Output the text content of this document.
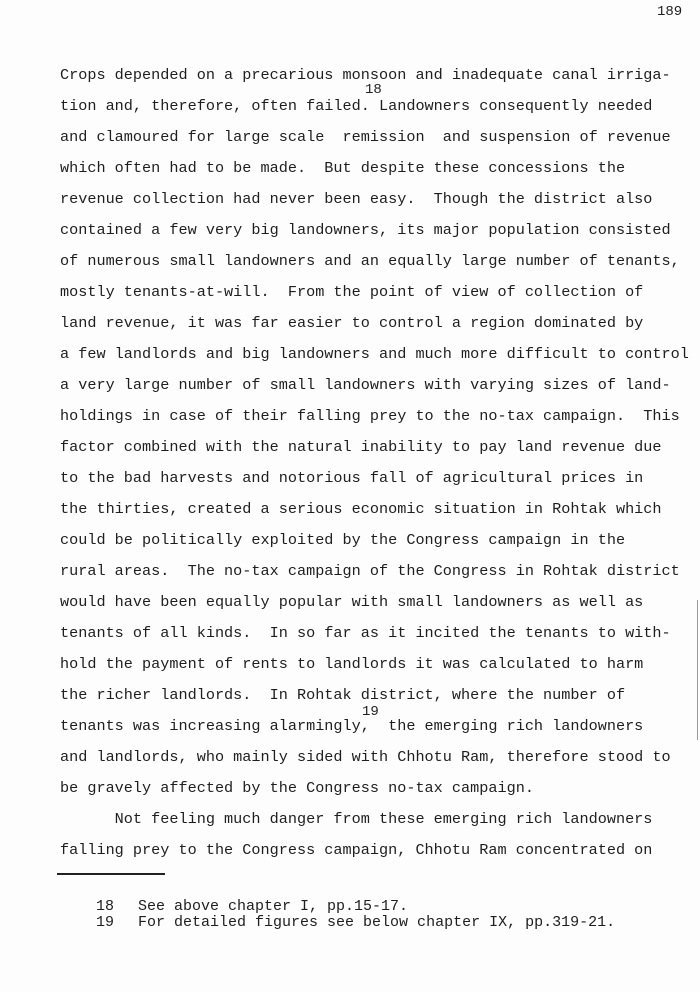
189
Crops depended on a precarious monsoon and inadequate canal irriga-
tion and, therefore, often failed. Landowners consequently needed
and clamoured for large scale  remission  and suspension of revenue
which often had to be made.  But despite these concessions the
revenue collection had never been easy.  Though the district also
contained a few very big landowners, its major population consisted
of numerous small landowners and an equally large number of tenants,
mostly tenants-at-will.  From the point of view of collection of
land revenue, it was far easier to control a region dominated by
a few landlords and big landowners and much more difficult to control
a very large number of small landowners with varying sizes of land-
holdings in case of their falling prey to the no-tax campaign.  This
factor combined with the natural inability to pay land revenue due
to the bad harvests and notorious fall of agricultural prices in
the thirties, created a serious economic situation in Rohtak which
could be politically exploited by the Congress campaign in the
rural areas.  The no-tax campaign of the Congress in Rohtak district
would have been equally popular with small landowners as well as
tenants of all kinds.  In so far as it incited the tenants to with-
hold the payment of rents to landlords it was calculated to harm
the richer landlords.  In Rohtak district, where the number of
tenants was increasing alarmingly,  the emerging rich landowners
and landlords, who mainly sided with Chhotu Ram, therefore stood to
be gravely affected by the Congress no-tax campaign.
Not feeling much danger from these emerging rich landowners
falling prey to the Congress campaign, Chhotu Ram concentrated on
18
19

18 See above chapter I, pp.15-17.

19 For detailed figures see below chapter IX, pp.319-21.
